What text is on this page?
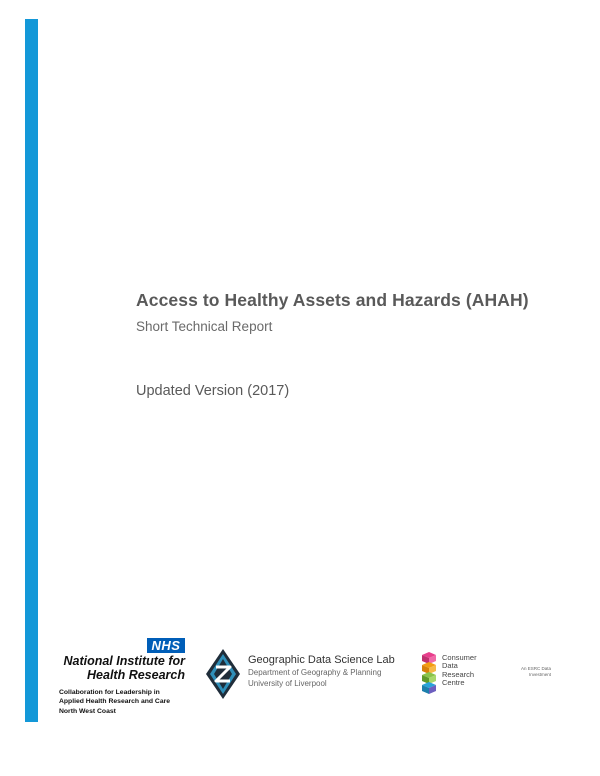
Access to Healthy Assets and Hazards (AHAH)

Short Technical Report

Updated Version (2017)

NHS
National Institute for
Health Research
Collaboration for Leadership in
Applied Health Research and Care
North West Coast

Geographic Data Science Lab

Department of Geography & Planning

University of Liverpool

Consumer
Data
Research
Centre
An ESRC Data
Investment
